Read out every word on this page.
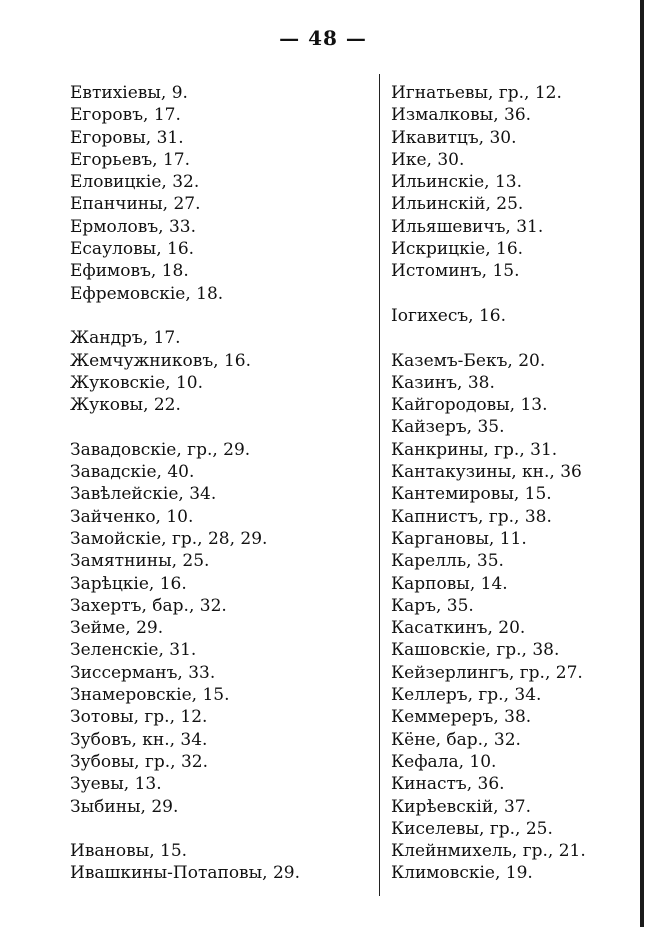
— 48 —
Евтихіевы, 9.
Егоровъ, 17.
Егоровы, 31.
Егорьевъ, 17.
Еловицкіе, 32.
Епанчины, 27.
Ермоловъ, 33.
Есауловы, 16.
Ефимовъ, 18.
Ефремовскіе, 18.
Жандръ, 17.
Жемчужниковъ, 16.
Жуковскіе, 10.
Жуковы, 22.
Завадовскіе, гр., 29.
Завадскіе, 40.
Завѣлейскіе, 34.
Зайченко, 10.
Замойскіе, гр., 28, 29.
Замятнины, 25.
Зарѣцкіе, 16.
Захертъ, бар., 32.
Зейме, 29.
Зеленскіе, 31.
Зиссерманъ, 33.
Знамеровскіе, 15.
Зотовы, гр., 12.
Зубовъ, кн., 34.
Зубовы, гр., 32.
Зуевы, 13.
Зыбины, 29.
Ивановы, 15.
Ивашкины-Потаповы, 29.
Игнатьевы, гр., 12.
Измалковы, 36.
Икавитцъ, 30.
Ике, 30.
Ильинскіе, 13.
Ильинскій, 25.
Ильяшевичъ, 31.
Искрицкіе, 16.
Истоминъ, 15.
Іогихесъ, 16.
Каземъ-Бекъ, 20.
Казинъ, 38.
Кайгородовы, 13.
Кайзеръ, 35.
Канкрины, гр., 31.
Кантакузины, кн., 36
Кантемировы, 15.
Капнистъ, гр., 38.
Каргановы, 11.
Карелль, 35.
Карповы, 14.
Каръ, 35.
Касаткинъ, 20.
Кашовскіе, гр., 38.
Кейзерлингъ, гр., 27.
Келлеръ, гр., 34.
Кеммереръ, 38.
Кёне, бар., 32.
Кефала, 10.
Кинастъ, 36.
Кирѣевскій, 37.
Киселевы, гр., 25.
Клейнмихель, гр., 21.
Климовскіе, 19.
